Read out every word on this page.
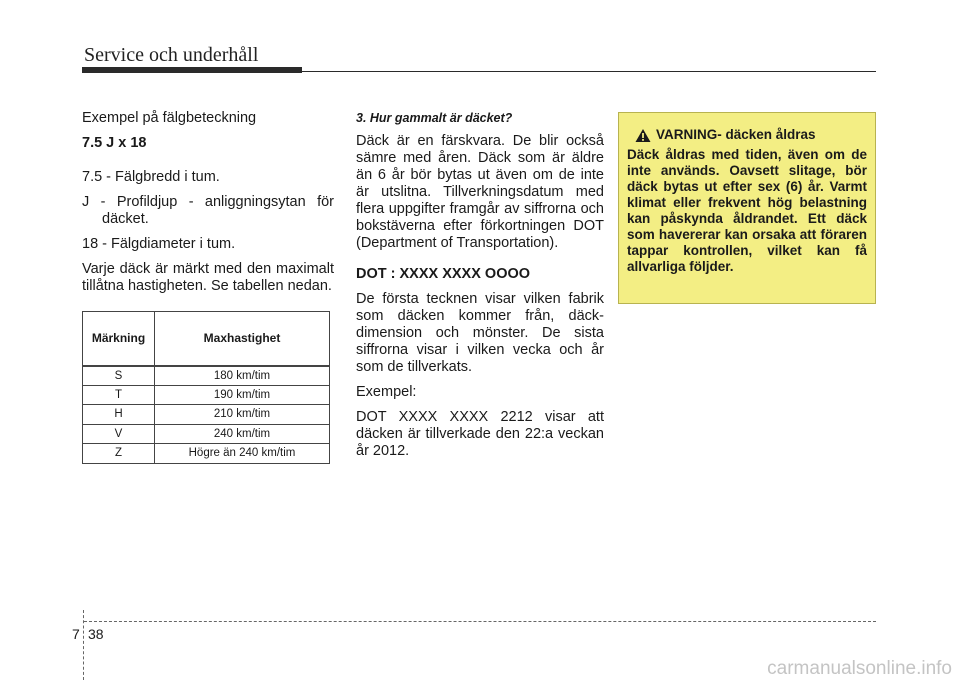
Service och underhåll

Exempel på fälgbeteckning

7.5 J x 18

7.5 - Fälgbredd i tum.

J - Profildjup - anliggningsytan för däcket.

18 - Fälgdiameter i tum.

Varje däck är märkt med den maximalt tillåtna hastigheten. Se tabellen nedan.

Märkning	Maxhastighet
S	180 km/tim
T	190 km/tim
H	210 km/tim
V	240 km/tim
Z	Högre än 240 km/tim

3. Hur gammalt är däcket?

Däck är en färskvara. De blir också sämre med åren. Däck som är äldre än 6 år bör bytas ut även om de inte är utslitna. Tillverkningsdatum med flera uppgifter framgår av siffrorna och bokstäverna efter förkortningen DOT (Department of Transportation).

DOT : XXXX XXXX OOOO

De första tecknen visar vilken fabrik som däcken kommer från, däck-dimension och mönster. De sista siffrorna visar i vilken vecka och år som de tillverkats.

Exempel:

DOT XXXX XXXX 2212 visar att däcken är tillverkade den 22:a veckan år 2012.

VARNING- däcken åldras

Däck åldras med tiden, även om de inte används. Oavsett slitage, bör däck bytas ut efter sex (6) år. Varmt klimat eller frekvent hög belastning kan påskynda åldrandet. Ett däck som havererar kan orsaka att föraren tappar kontrollen, vilket kan få allvarliga följder.

7 38
carmanualsonline.info
